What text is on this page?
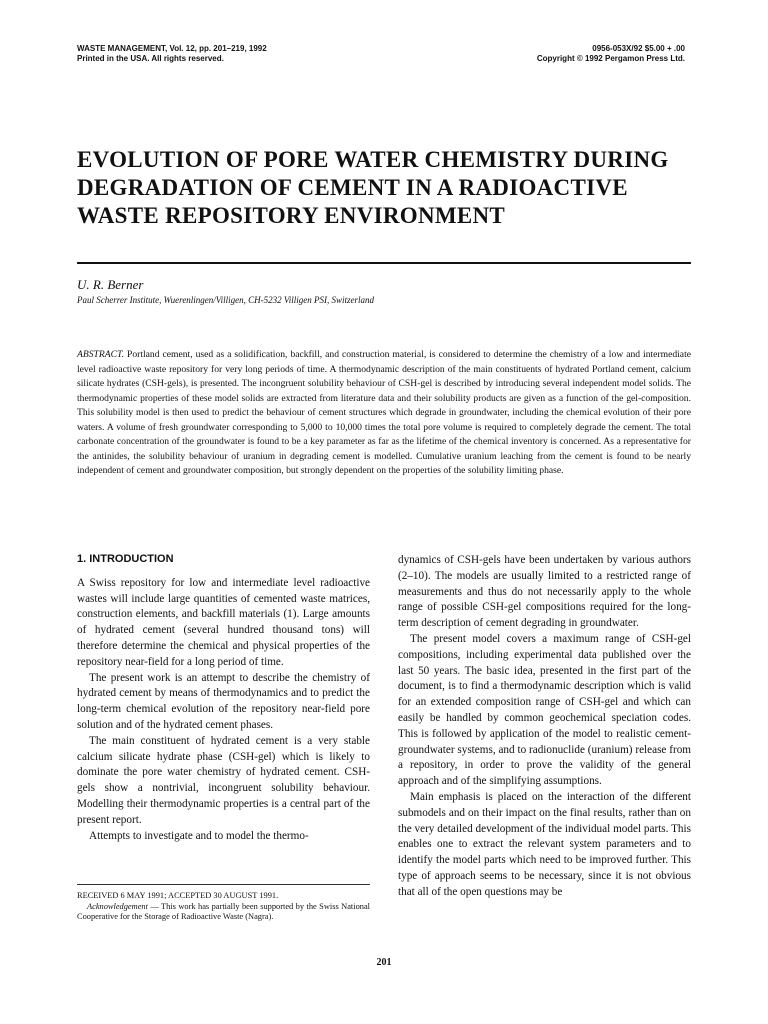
WASTE MANAGEMENT, Vol. 12, pp. 201–219, 1992
Printed in the USA. All rights reserved.
0956-053X/92 $5.00 + .00
Copyright © 1992 Pergamon Press Ltd.
EVOLUTION OF PORE WATER CHEMISTRY DURING DEGRADATION OF CEMENT IN A RADIOACTIVE WASTE REPOSITORY ENVIRONMENT
U. R. Berner
Paul Scherrer Institute, Wuerenlingen/Villigen, CH-5232 Villigen PSI, Switzerland
ABSTRACT. Portland cement, used as a solidification, backfill, and construction material, is considered to determine the chemistry of a low and intermediate level radioactive waste repository for very long periods of time. A thermodynamic description of the main constituents of hydrated Portland cement, calcium silicate hydrates (CSH-gels), is presented. The incongruent solubility behaviour of CSH-gel is described by introducing several independent model solids. The thermodynamic properties of these model solids are extracted from literature data and their solubility products are given as a function of the gel-composition. This solubility model is then used to predict the behaviour of cement structures which degrade in groundwater, including the chemical evolution of their pore waters. A volume of fresh groundwater corresponding to 5,000 to 10,000 times the total pore volume is required to completely degrade the cement. The total carbonate concentration of the groundwater is found to be a key parameter as far as the lifetime of the chemical inventory is concerned. As a representative for the antinides, the solubility behaviour of uranium in degrading cement is modelled. Cumulative uranium leaching from the cement is found to be nearly independent of cement and groundwater composition, but strongly dependent on the properties of the solubility limiting phase.
1. INTRODUCTION

A Swiss repository for low and intermediate level radioactive wastes will include large quantities of cemented waste matrices, construction elements, and backfill materials (1). Large amounts of hydrated cement (several hundred thousand tons) will therefore determine the chemical and physical properties of the repository near-field for a long period of time.

The present work is an attempt to describe the chemistry of hydrated cement by means of thermodynamics and to predict the long-term chemical evolution of the repository near-field pore solution and of the hydrated cement phases.

The main constituent of hydrated cement is a very stable calcium silicate hydrate phase (CSH-gel) which is likely to dominate the pore water chemistry of hydrated cement. CSH-gels show a nontrivial, incongruent solubility behaviour. Modelling their thermodynamic properties is a central part of the present report.

Attempts to investigate and to model the thermo-

dynamics of CSH-gels have been undertaken by various authors (2–10). The models are usually limited to a restricted range of measurements and thus do not necessarily apply to the whole range of possible CSH-gel compositions required for the long-term description of cement degrading in groundwater.

The present model covers a maximum range of CSH-gel compositions, including experimental data published over the last 50 years. The basic idea, presented in the first part of the document, is to find a thermodynamic description which is valid for an extended composition range of CSH-gel and which can easily be handled by common geochemical speciation codes. This is followed by application of the model to realistic cement-groundwater systems, and to radionuclide (uranium) release from a repository, in order to prove the validity of the general approach and of the simplifying assumptions.

Main emphasis is placed on the interaction of the different submodels and on their impact on the final results, rather than on the very detailed development of the individual model parts. This enables one to extract the relevant system parameters and to identify the model parts which need to be improved further. This type of approach seems to be necessary, since it is not obvious that all of the open questions may be

RECEIVED 6 MAY 1991; ACCEPTED 30 AUGUST 1991.
Acknowledgement — This work has partially been supported by the Swiss National Cooperative for the Storage of Radioactive Waste (Nagra).
201
